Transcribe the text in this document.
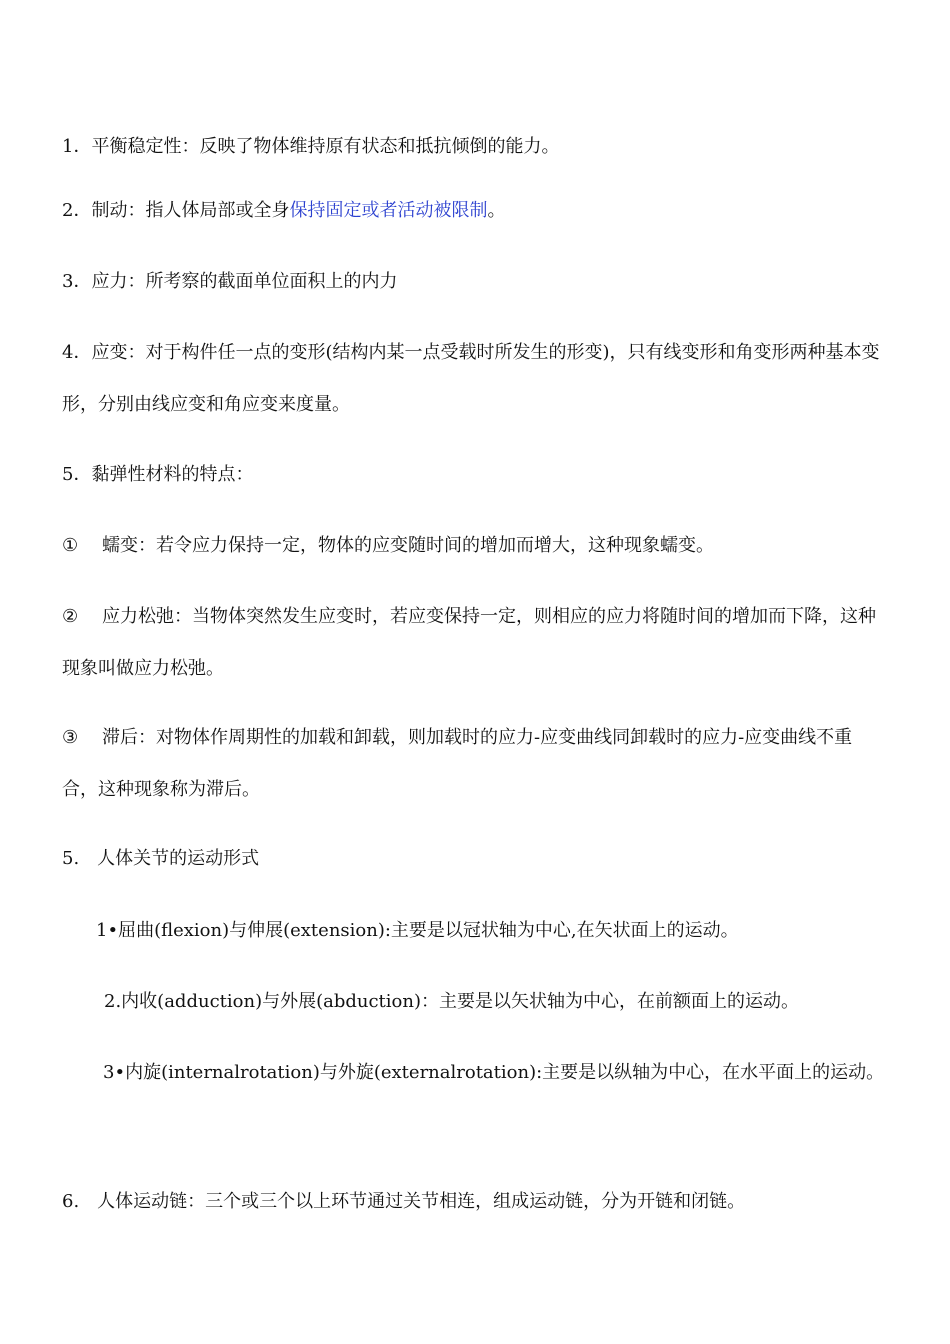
1．平衡稳定性：反映了物体维持原有状态和抵抗倾倒的能力。

2．制动：指人体局部或全身保持固定或者活动被限制。

3．应力：所考察的截面单位面积上的内力

4．应变：对于构件任一点的变形(结构内某一点受载时所发生的形变)，只有线变形和角变形两种基本变形，分别由线应变和角应变来度量。

5．黏弹性材料的特点：

① 蠕变：若令应力保持一定，物体的应变随时间的增加而增大，这种现象蠕变。

② 应力松弛：当物体突然发生应变时，若应变保持一定，则相应的应力将随时间的增加而下降，这种现象叫做应力松弛。

③ 滞后：对物体作周期性的加载和卸载，则加载时的应力-应变曲线同卸载时的应力-应变曲线不重合，这种现象称为滞后。

5.　人体关节的运动形式

1•屈曲(flexion)与伸展(extension):主要是以冠状轴为中心,在矢状面上的运动。

2.内收(adduction)与外展(abduction)：主要是以矢状轴为中心，在前额面上的运动。

3•内旋(internalrotation)与外旋(externalrotation):主要是以纵轴为中心，在水平面上的运动。

6.　人体运动链：三个或三个以上环节通过关节相连，组成运动链，分为开链和闭链。
